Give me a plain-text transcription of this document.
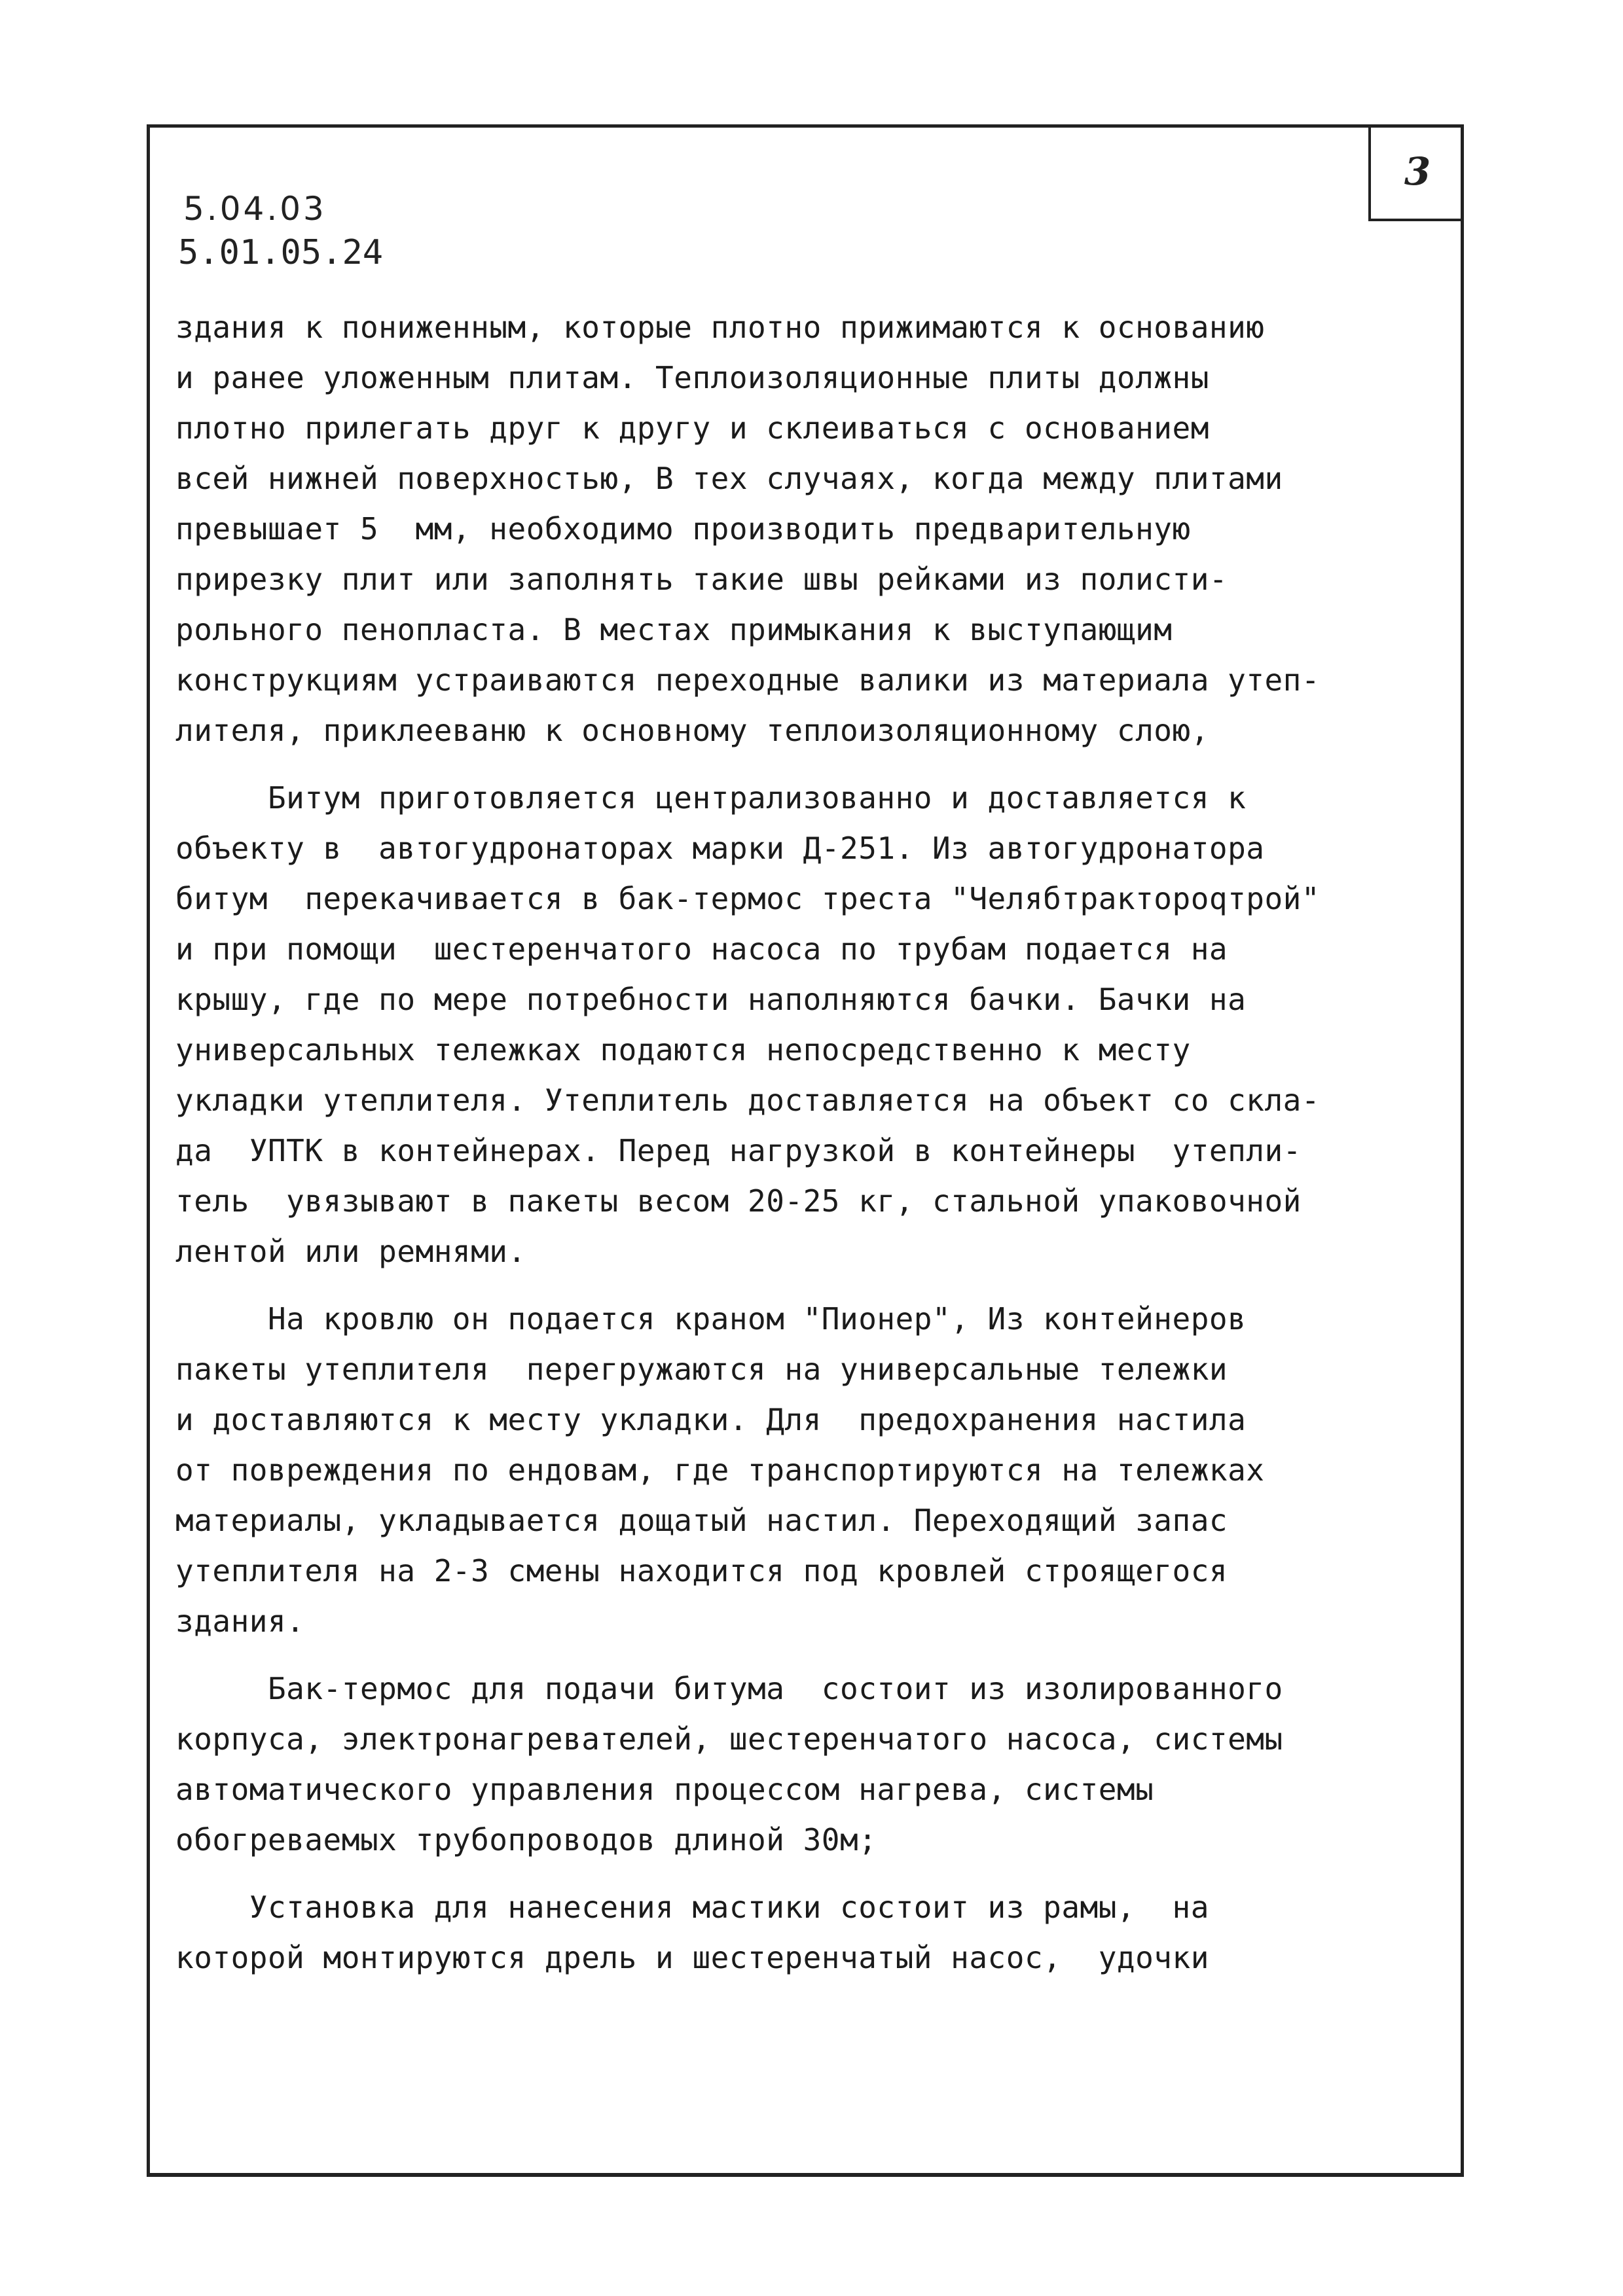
3
5.04.03
5.01.05.24
здания к пониженным, которые плотно прижимаются к основанию
и ранее уложенным плитам. Теплоизоляционные плиты должны
плотно прилегать друг к другу и склеиваться с основанием
всей нижней поверхностью, В тех случаях, когда между плитами
превышает 5  мм, необходимо производить предварительную
прирезку плит или заполнять такие швы рейками из полисти-
рольного пенопласта. В местах примыкания к выступающим
конструкциям устраиваются переходные валики из материала утеп-
лителя, приклееваню к основному теплоизоляционному слою,
Битум приготовляется централизованно и доставляется к
объекту в  автогудронаторах марки Д-251. Из автогудронатора
битум  перекачивается в бак-термос треста "Челябтрактороqтрой"
и при помощи  шестеренчатого насоса по трубам подается на
крышу, где по мере потребности наполняются бачки. Бачки на
универсальных тележках подаются непосредственно к месту
укладки утеплителя. Утеплитель доставляется на объект со скла-
да  УПТК в контейнерах. Перед нагрузкой в контейнеры  утепли-
тель  увязывают в пакеты весом 20-25 кг, стальной упаковочной
лентой или ремнями.
На кровлю он подается краном "Пионер", Из контейнеров
пакеты утеплителя  перегружаются на универсальные тележки
и доставляются к месту укладки. Для  предохранения настила
от повреждения по ендовам, где транспортируются на тележках
материалы, укладывается дощатый настил. Переходящий запас
утеплителя на 2-3 смены находится под кровлей строящегося
здания.
Бак-термос для подачи битума  состоит из изолированного
корпуса, электронагревателей, шестеренчатого насоса, системы
автоматического управления процессом нагрева, системы
обогреваемых трубопроводов длиной 30м;
Установка для нанесения мастики состоит из рамы,  на
которой монтируются дрель и шестеренчатый насос,  удочки
